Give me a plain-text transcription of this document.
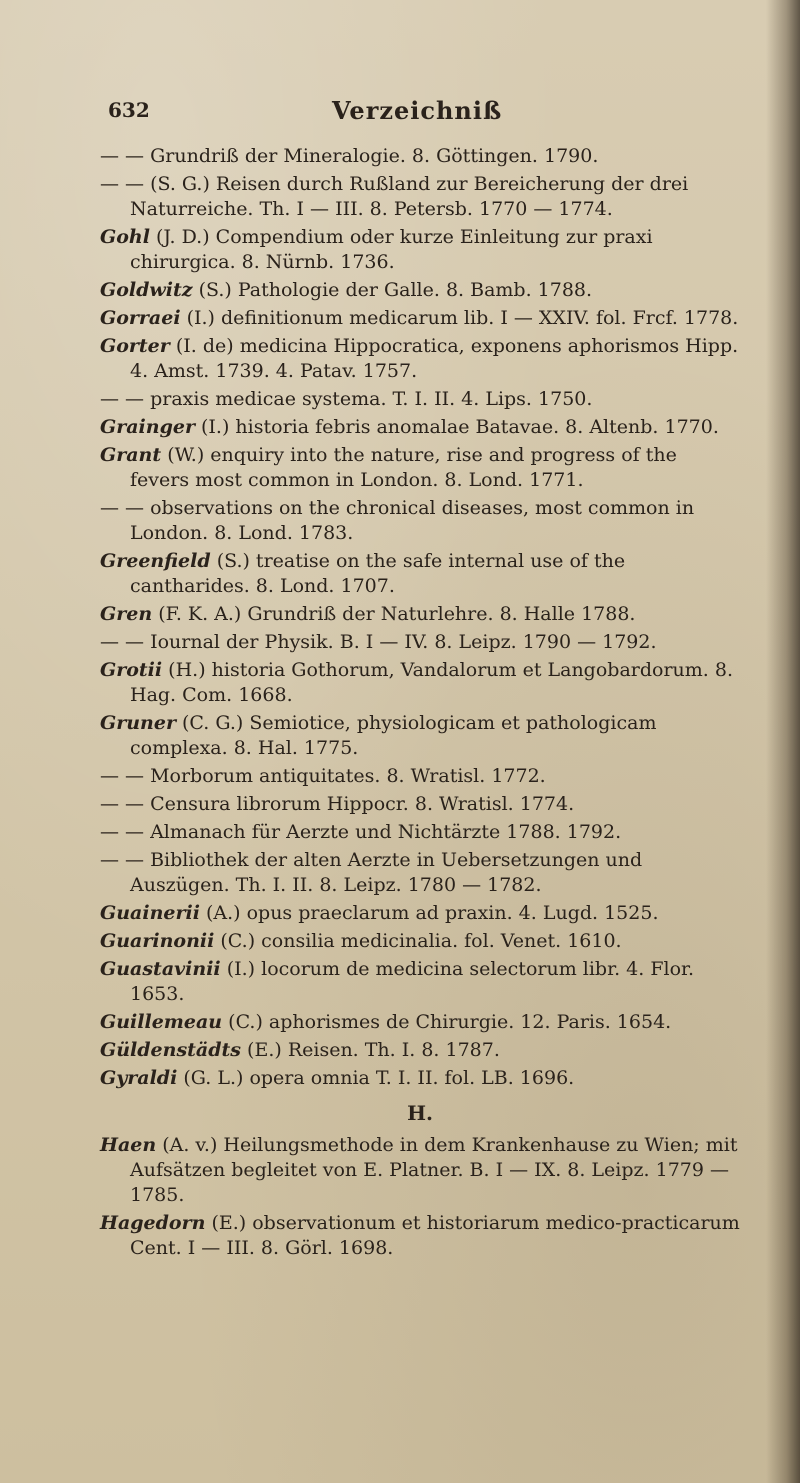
632	Verzeichniß

— — Grundriß der Mineralogie. 8. Göttingen. 1790.

— — (S. G.) Reisen durch Rußland zur Bereicherung der drei Naturreiche. Th. I — III. 8. Petersb. 1770 — 1774.

Gohl (J. D.) Compendium oder kurze Einleitung zur praxi chirurgica. 8. Nürnb. 1736.

Goldwitz (S.) Pathologie der Galle. 8. Bamb. 1788.

Gorraei (I.) definitionum medicarum lib. I — XXIV. fol. Frcf. 1778.

Gorter (I. de) medicina Hippocratica, exponens aphorismos Hipp. 4. Amst. 1739. 4. Patav. 1757.

— — praxis medicae systema. T. I. II. 4. Lips. 1750.

Grainger (I.) historia febris anomalae Batavae. 8. Altenb. 1770.

Grant (W.) enquiry into the nature, rise and progress of the fevers most common in London. 8. Lond. 1771.

— — observations on the chronical diseases, most common in London. 8. Lond. 1783.

Greenfield (S.) treatise on the safe internal use of the cantharides. 8. Lond. 1707.

Gren (F. K. A.) Grundriß der Naturlehre. 8. Halle 1788.

— — Iournal der Physik. B. I — IV. 8. Leipz. 1790 — 1792.

Grotii (H.) historia Gothorum, Vandalorum et Langobardorum. 8. Hag. Com. 1668.

Gruner (C. G.) Semiotice, physiologicam et pathologicam complexa. 8. Hal. 1775.

— — Morborum antiquitates. 8. Wratisl. 1772.

— — Censura librorum Hippocr. 8. Wratisl. 1774.

— — Almanach für Aerzte und Nichtärzte 1788. 1792.

— — Bibliothek der alten Aerzte in Uebersetzungen und Auszügen. Th. I. II. 8. Leipz. 1780 — 1782.

Guainerii (A.) opus praeclarum ad praxin. 4. Lugd. 1525.

Guarinonii (C.) consilia medicinalia. fol. Venet. 1610.

Guastavinii (I.) locorum de medicina selectorum libr. 4. Flor. 1653.

Guillemeau (C.) aphorismes de Chirurgie. 12. Paris. 1654.

Güldenstädts (E.) Reisen. Th. I. 8. 1787.

Gyraldi (G. L.) opera omnia T. I. II. fol. LB. 1696.

H.

Haen (A. v.) Heilungsmethode in dem Krankenhause zu Wien; mit Aufsätzen begleitet von E. Platner. B. I — IX. 8. Leipz. 1779 — 1785.

Hagedorn (E.) observationum et historiarum medico-practicarum Cent. I — III. 8. Görl. 1698.
